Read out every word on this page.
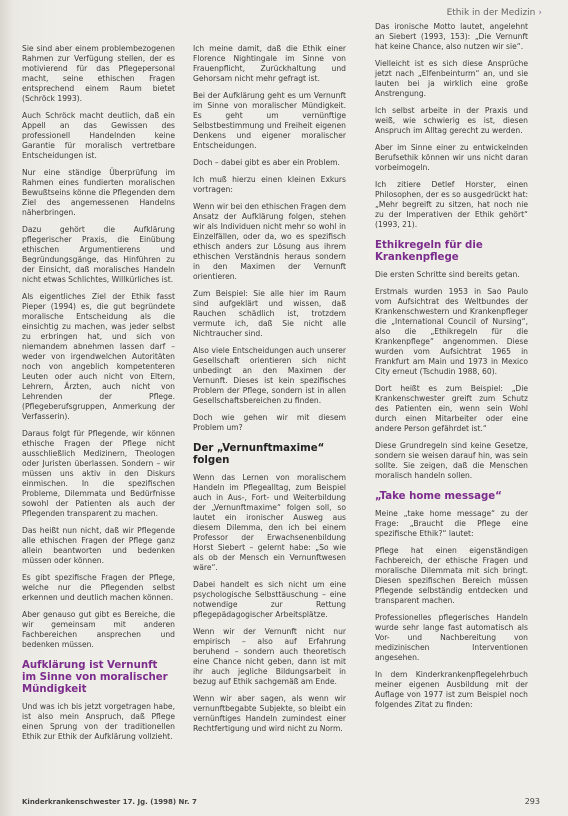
Ethik in der Medizin ›

Sie sind aber einem problembezogenen Rahmen zur Verfügung stellen, der es motivierend für das Pflegepersonal macht, seine ethischen Fragen entsprechend einem Raum bietet (Schröck 1993).

Auch Schröck macht deutlich, daß ein Appell an das Gewissen des professionell Handelnden keine Garantie für moralisch vertretbare Entscheidungen ist.

Nur eine ständige Überprüfung im Rahmen eines fundierten moralischen Bewußtseins könne die Pflegenden dem Ziel des angemessenen Handelns näherbringen.

Dazu gehört die Aufklärung pflegerischer Praxis, die Einübung ethischen Argumentierens und Begründungsgänge, das Hinführen zu der Einsicht, daß moralisches Handeln nicht etwas Schlichtes, Willkürliches ist.

Als eigentliches Ziel der Ethik fasst Pieper (1994) es, die gut begründete moralische Entscheidung als die einsichtig zu machen, was jeder selbst zu erbringen hat, und sich von niemandem abnehmen lassen darf – weder von irgendwelchen Autoritäten noch von angeblich kompetenteren Leuten oder auch nicht von Eltern, Lehrern, Ärzten, auch nicht von Lehrenden der Pflege. (Pflegeberufsgruppen, Anmerkung der Verfasserin).

Daraus folgt für Pflegende, wir können ethische Fragen der Pflege nicht ausschließlich Medizinern, Theologen oder Juristen überlassen. Sondern – wir müssen uns aktiv in den Diskurs einmischen. In die spezifischen Probleme, Dilemmata und Bedürfnisse sowohl der Patienten als auch der Pflegenden transparent zu machen.

Das heißt nun nicht, daß wir Pflegende alle ethischen Fragen der Pflege ganz allein beantworten und bedenken müssen oder können.

Es gibt spezifische Fragen der Pflege, welche nur die Pflegenden selbst erkennen und deutlich machen können.

Aber genauso gut gibt es Bereiche, die wir gemeinsam mit anderen Fachbereichen ansprechen und bedenken müssen.

Aufklärung ist Vernunft im Sinne von moralischer Mündigkeit

Und was ich bis jetzt vorgetragen habe, ist also mein Anspruch, daß Pflege einen Sprung von der traditionellen Ethik zur Ethik der Aufklärung vollzieht.

Ich meine damit, daß die Ethik einer Florence Nightingale im Sinne von Frauenpflicht, Zurückhaltung und Gehorsam nicht mehr gefragt ist.

Bei der Aufklärung geht es um Vernunft im Sinne von moralischer Mündigkeit. Es geht um vernünftige Selbstbestimmung und Freiheit eigenen Denkens und eigener moralischer Entscheidungen.

Doch – dabei gibt es aber ein Problem.

Ich muß hierzu einen kleinen Exkurs vortragen:

Wenn wir bei den ethischen Fragen dem Ansatz der Aufklärung folgen, stehen wir als Individuen nicht mehr so wohl in Einzelfällen, oder da, wo es spezifisch ethisch anders zur Lösung aus ihrem ethischen Verständnis heraus sondern in den Maximen der Vernunft orientieren.

Zum Beispiel: Sie alle hier im Raum sind aufgeklärt und wissen, daß Rauchen schädlich ist, trotzdem vermute ich, daß Sie nicht alle Nichtraucher sind.

Also viele Entscheidungen auch unserer Gesellschaft orientieren sich nicht unbedingt an den Maximen der Vernunft. Dieses ist kein spezifisches Problem der Pflege, sondern ist in allen Gesellschaftsbereichen zu finden.

Doch wie gehen wir mit diesem Problem um?

Der „Vernunftmaxime“ folgen

Wenn das Lernen von moralischem Handeln im Pflegealltag, zum Beispiel auch in Aus-, Fort- und Weiterbildung der „Vernunftmaxime“ folgen soll, so lautet ein ironischer Ausweg aus diesem Dilemma, den ich bei einem Professor der Erwachsenenbildung Horst Siebert – gelernt habe: „So wie als ob der Mensch ein Vernunftwesen wäre“.

Dabei handelt es sich nicht um eine psychologische Selbsttäuschung – eine notwendige zur Rettung pflegepädagogischer Arbeitsplätze.

Wenn wir der Vernunft nicht nur empirisch – also auf Erfahrung beruhend – sondern auch theoretisch eine Chance nicht geben, dann ist mit ihr auch jegliche Bildungsarbeit in bezug auf Ethik sachgemäß am Ende.

Wenn wir aber sagen, als wenn wir vernunftbegabte Subjekte, so bleibt ein vernünftiges Handeln zumindest einer Rechtfertigung und wird nicht zu Norm.

Das ironische Motto lautet, angelehnt an Siebert (1993, 153): „Die Vernunft hat keine Chance, also nutzen wir sie“.

Vielleicht ist es sich diese Ansprüche jetzt nach „Elfenbeinturm“ an, und sie lauten bei ja wirklich eine große Anstrengung.

Ich selbst arbeite in der Praxis und weiß, wie schwierig es ist, diesen Anspruch im Alltag gerecht zu werden.

Aber im Sinne einer zu entwickelnden Berufsethik können wir uns nicht daran vorbeimogeln.

Ich zitiere Detlef Horster, einen Philosophen, der es so ausgedrückt hat: „Mehr begreift zu sitzen, hat noch nie zu der Imperativen der Ethik gehört“ (1993, 21).

Ethikregeln für die Krankenpflege

Die ersten Schritte sind bereits getan.

Erstmals wurden 1953 in Sao Paulo vom Aufsichtrat des Weltbundes der Krankenschwestern und Krankenpfleger die „International Council of Nursing“, also die „Ethikregeln für die Krankenpflege“ angenommen. Diese wurden vom Aufsichtrat 1965 in Frankfurt am Main und 1973 in Mexico City erneut (Tschudin 1988, 60).

Dort heißt es zum Beispiel: „Die Krankenschwester greift zum Schutz des Patienten ein, wenn sein Wohl durch einen Mitarbeiter oder eine andere Person gefährdet ist.“

Diese Grundregeln sind keine Gesetze, sondern sie weisen darauf hin, was sein sollte. Sie zeigen, daß die Menschen moralisch handeln sollen.

„Take home message“

Meine „take home message“ zu der Frage: „Braucht die Pflege eine spezifische Ethik?“ lautet:

Pflege hat einen eigenständigen Fachbereich, der ethische Fragen und moralische Dilemmata mit sich bringt. Diesen spezifischen Bereich müssen Pflegende selbständig entdecken und transparent machen.

Professionelles pflegerisches Handeln wurde sehr lange fast automatisch als Vor- und Nachbereitung von medizinischen Interventionen angesehen.

In dem Kinderkrankenpflegelehrbuch meiner eigenen Ausbildung mit der Auflage von 1977 ist zum Beispiel noch folgendes Zitat zu finden:

Kinderkrankenschwester 17. Jg. (1998) Nr. 7	293
